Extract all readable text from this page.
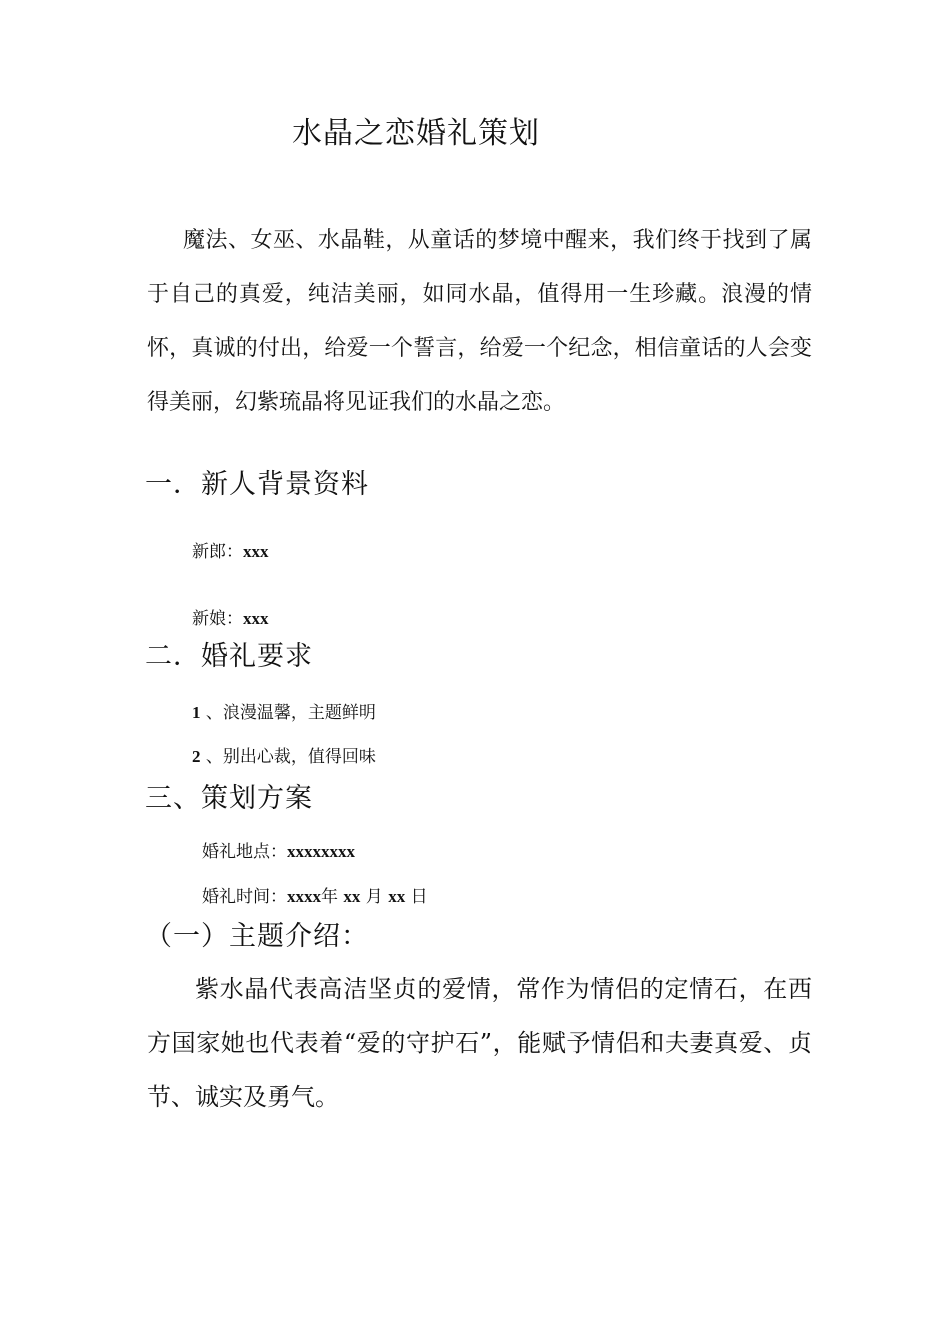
水晶之恋婚礼策划

魔法、女巫、水晶鞋，从童话的梦境中醒来，我们终于找到了属于自己的真爱，纯洁美丽，如同水晶，值得用一生珍藏。浪漫的情怀，真诚的付出，给爱一个誓言，给爱一个纪念，相信童话的人会变得美丽，幻紫琉晶将见证我们的水晶之恋。

一．新人背景资料
新郎：xxx
新娘：xxx
二．婚礼要求
1 、浪漫温馨，主题鲜明
2 、别出心裁，值得回味
三、策划方案
婚礼地点：xxxxxxxx
婚礼时间：xxxx年 xx 月 xx 日
（一）主题介绍：

紫水晶代表高洁坚贞的爱情，常作为情侣的定情石，在西方国家她也代表着“爱的守护石”，能赋予情侣和夫妻真爱、贞节、诚实及勇气。
